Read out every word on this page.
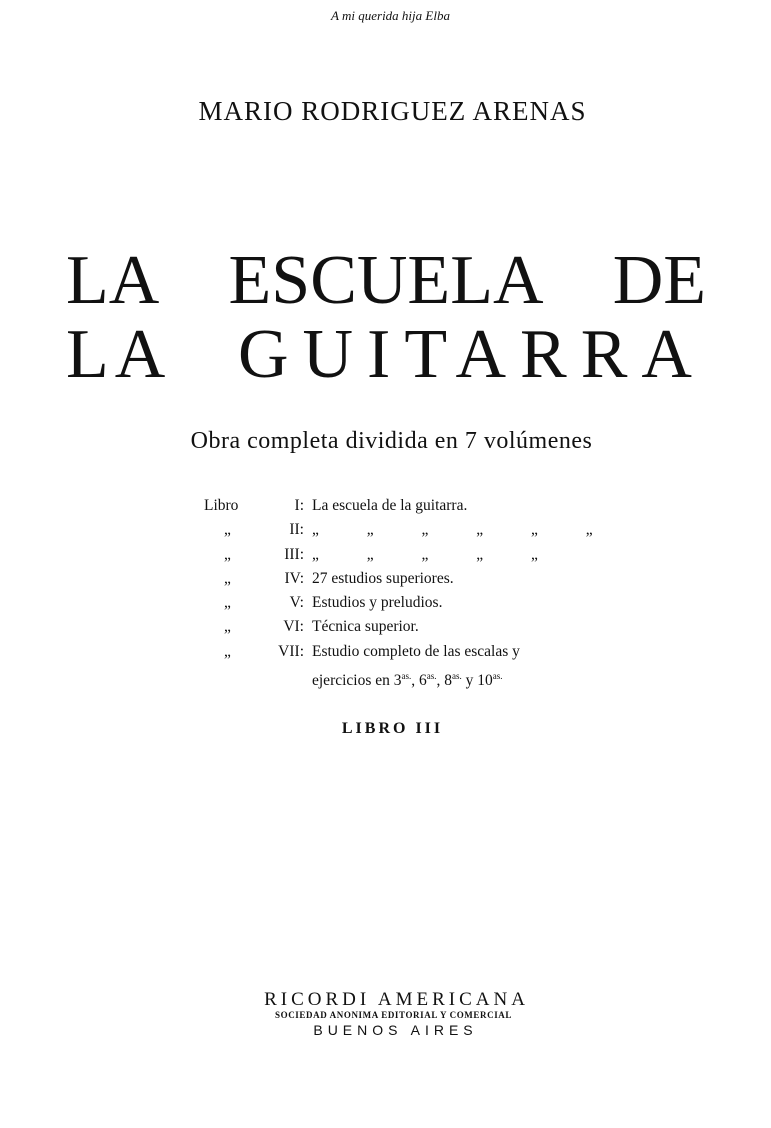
A mi querida hija Elba
MARIO RODRIGUEZ ARENAS
LA ESCUELA DE
LA GUITARRA
Obra completa dividida en 7 volúmenes
Libro	I: La escuela de la guitarra.
„	II: „ „ „ „ „ „
„	III: „ „ „ „ „
„	IV: 27 estudios superiores.
„	V: Estudios y preludios.
„	VI: Técnica superior.
„	VII: Estudio completo de las escalas y
ejercicios en $3^{as.}$, $6^{as.}$, $8^{as.}$ y $10^{as.}$
LIBRO III
RICORDI AMERICANA
SOCIEDAD ANONIMA EDITORIAL Y COMERCIAL
BUENOS AIRES
